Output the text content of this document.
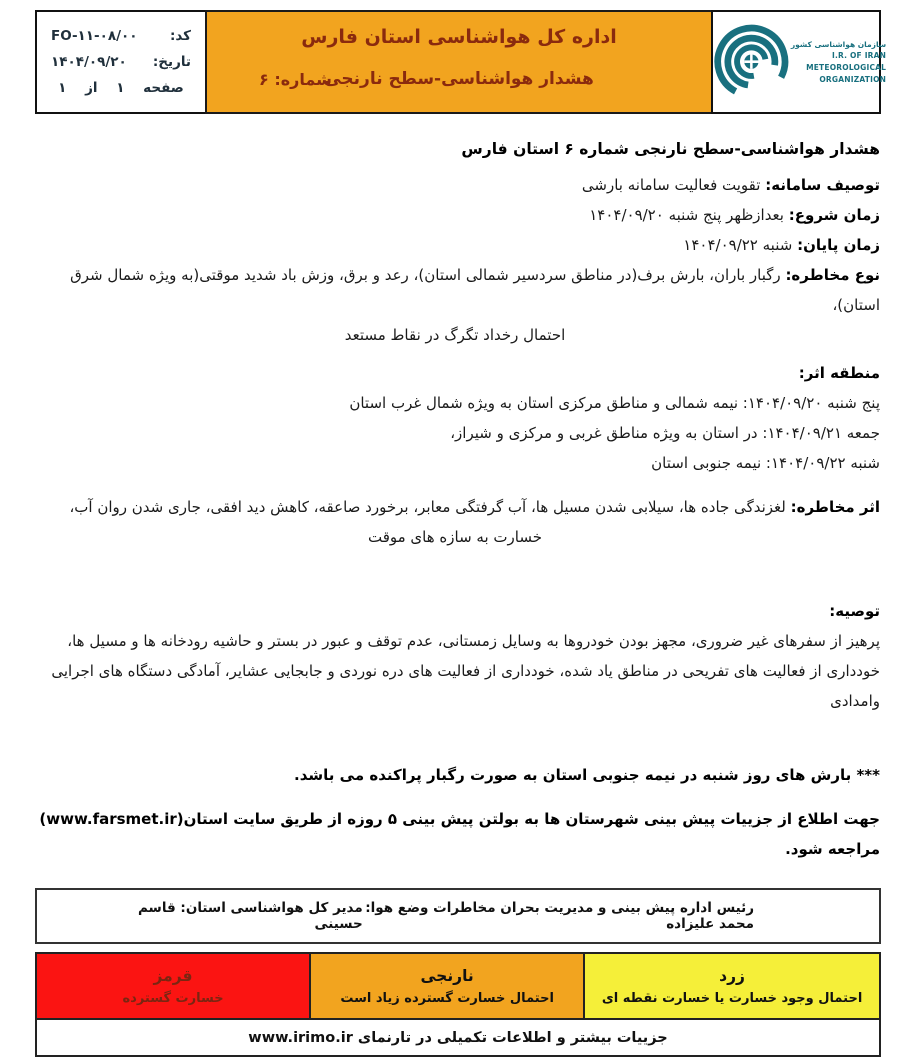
سازمان هواشناسی کشور
I.R. OF IRAN
METEOROLOGICAL
ORGANIZATION
اداره کل هواشناسی استان فارس
هشدار هواشناسی-سطح نارنجی
شماره: ۶
کد:
FO-۱۱-۰۸/۰۰
تاریخ:
۱۴۰۴/۰۹/۲۰
صفحه ۱ از ۱
هشدار هواشناسی-سطح نارنجی شماره ۶ استان فارس
توصیف سامانه: تقویت فعالیت سامانه بارشی
زمان شروع: بعدازظهر پنج شنبه ۱۴۰۴/۰۹/۲۰
زمان پایان: شنبه ۱۴۰۴/۰۹/۲۲
نوع مخاطره: رگبار باران، بارش برف(در مناطق سردسیر شمالی استان)، رعد و برق، وزش باد شدید موقتی(به ویژه شمال شرق استان)،
احتمال رخداد تگرگ در نقاط مستعد
منطقه اثر:
پنج شنبه ۱۴۰۴/۰۹/۲۰: نیمه شمالی و مناطق مرکزی استان به ویژه شمال غرب استان
جمعه ۱۴۰۴/۰۹/۲۱: در استان به ویژه مناطق غربی و مرکزی و شیراز،
شنبه ۱۴۰۴/۰۹/۲۲: نیمه جنوبی استان
اثر مخاطره: لغزندگی جاده ها، سیلابی شدن مسیل ها، آب گرفتگی معابر، برخورد صاعقه، کاهش دید افقی، جاری شدن روان آب،
خسارت به سازه های موقت
توصیه:
پرهیز از سفرهای غیر ضروری، مجهز بودن خودروها به وسایل زمستانی، عدم توقف و عبور در بستر و حاشیه رودخانه ها و مسیل ها،
خودداری از فعالیت های تفریحی در مناطق یاد شده، خودداری از فعالیت های دره نوردی و جابجایی عشایر، آمادگی دستگاه های اجرایی وامدادی
*** بارش های روز شنبه در نیمه جنوبی استان به صورت رگبار پراکنده می باشد.
جهت اطلاع از جزییات پیش بینی شهرستان ها به بولتن پیش بینی ۵ روزه از طریق سایت استان(www.farsmet.ir) مراجعه شود.
رئیس اداره پیش بینی و مدیریت بحران مخاطرات وضع هوا: محمد علیزاده
مدیر کل هواشناسی استان: قاسم حسینی
زرد
احتمال وجود خسارت یا خسارت نقطه ای
نارنجی
احتمال خسارت گسترده زیاد است
قرمز
خسارت گسترده
جزییات بیشتر و اطلاعات تکمیلی در تارنمای www.irimo.ir
